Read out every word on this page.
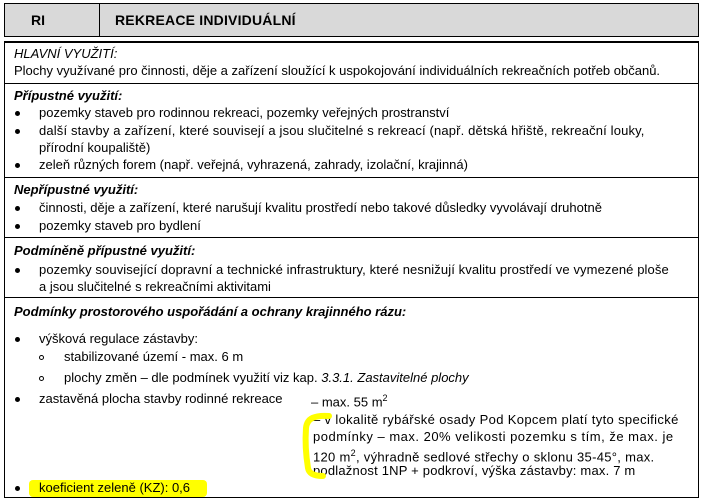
RI	REKREACE INDIVIDUÁLNÍ
HLAVNÍ VYUŽITÍ:
Plochy využívané pro činnosti, děje a zařízení sloužící k uspokojování individuálních rekreačních potřeb občanů.
Přípustné využití:
pozemky staveb pro rodinnou rekreaci, pozemky veřejných prostranství
další stavby a zařízení, které souvisejí a jsou slučitelné s rekreací (např. dětská hřiště, rekreační louky,
přírodní koupaliště)
zeleň různých forem (např. veřejná, vyhrazená, zahrady, izolační, krajinná)
Nepřípustné využití:
činnosti, děje a zařízení, které narušují kvalitu prostředí nebo takové důsledky vyvolávají druhotně
pozemky staveb pro bydlení
Podmíněně přípustné využití:
pozemky související dopravní a technické infrastruktury, které nesnižují kvalitu prostředí ve vymezené ploše
a jsou slučitelné s rekreačními aktivitami
Podmínky prostorového uspořádání a ochrany krajinného rázu:
výšková regulace zástavby:
stabilizované území - max. 6 m
plochy změn – dle podmínek využití viz kap. 3.3.1. Zastavitelné plochy
zastavěná plocha stavby rodinné rekreace – max. 55 $m^2$
– v lokalitě rybářské osady Pod Kopcem platí tyto specifické
podmínky – max. 20% velikosti pozemku s tím, že max. je
120 $m^2$, výhradně sedlové střechy o sklonu 35-45°, max.
podlažnost 1NP + podkroví, výška zástavby: max. 7 m
koeficient zeleně (KZ): 0,6
